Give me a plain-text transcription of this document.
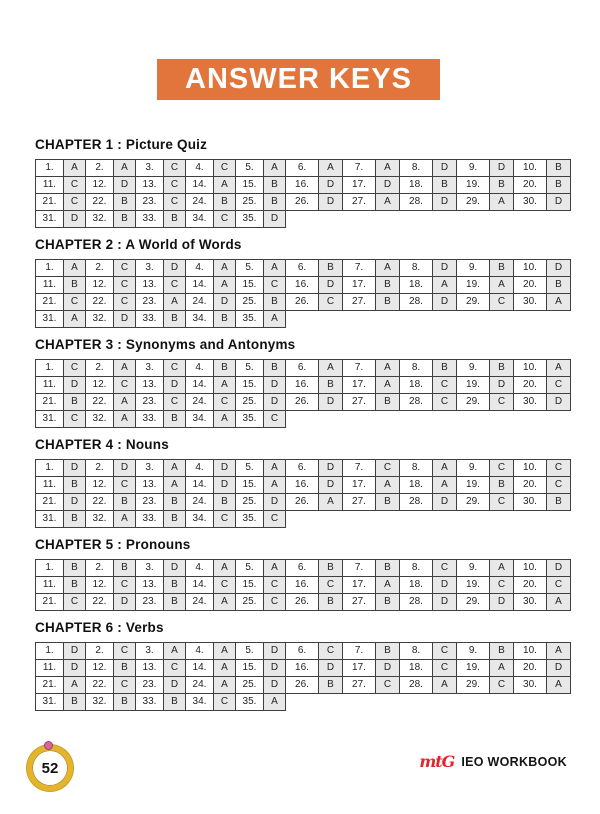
ANSWER KEYS
CHAPTER 1 : Picture Quiz
1.	A	2.	A	3.	C	4.	C	5.	A	6.	A	7.	A	8.	D	9.	D	10.	B
11.	C	12.	D	13.	C	14.	A	15.	B	16.	D	17.	D	18.	B	19.	B	20.	B
21.	C	22.	B	23.	C	24.	B	25.	B	26.	D	27.	A	28.	D	29.	A	30.	D
31.	D	32.	B	33.	B	34.	C	35.	D										
CHAPTER 2 : A World of Words
1.	A	2.	C	3.	D	4.	A	5.	A	6.	B	7.	A	8.	D	9.	B	10.	D
11.	B	12.	C	13.	C	14.	A	15.	C	16.	D	17.	B	18.	A	19.	A	20.	B
21.	C	22.	C	23.	A	24.	D	25.	B	26.	C	27.	B	28.	D	29.	C	30.	A
31.	A	32.	D	33.	B	34.	B	35.	A										
CHAPTER 3 : Synonyms and Antonyms
1.	C	2.	A	3.	C	4.	B	5.	B	6.	A	7.	A	8.	B	9.	B	10.	A
11.	D	12.	C	13.	D	14.	A	15.	D	16.	B	17.	A	18.	C	19.	D	20.	C
21.	B	22.	A	23.	C	24.	C	25.	D	26.	D	27.	B	28.	C	29.	C	30.	D
31.	C	32.	A	33.	B	34.	A	35.	C										
CHAPTER 4 : Nouns
1.	D	2.	D	3.	A	4.	D	5.	A	6.	D	7.	C	8.	A	9.	C	10.	C
11.	B	12.	C	13.	A	14.	D	15.	A	16.	D	17.	A	18.	A	19.	B	20.	C
21.	D	22.	B	23.	B	24.	B	25.	D	26.	A	27.	B	28.	D	29.	C	30.	B
31.	B	32.	A	33.	B	34.	C	35.	C										
CHAPTER 5 : Pronouns
1.	B	2.	B	3.	D	4.	A	5.	A	6.	B	7.	B	8.	C	9.	A	10.	D
11.	B	12.	C	13.	B	14.	C	15.	C	16.	C	17.	A	18.	D	19.	C	20.	C
21.	C	22.	D	23.	B	24.	A	25.	C	26.	B	27.	B	28.	D	29.	D	30.	A
CHAPTER 6 : Verbs
1.	D	2.	C	3.	A	4.	A	5.	D	6.	C	7.	B	8.	C	9.	B	10.	A
11.	D	12.	B	13.	C	14.	A	15.	D	16.	D	17.	D	18.	C	19.	A	20.	D
21.	A	22.	C	23.	D	24.	A	25.	D	26.	B	27.	C	28.	A	29.	C	30.	A
31.	B	32.	B	33.	B	34.	C	35.	A										
52	mtG IEO WORKBOOK
